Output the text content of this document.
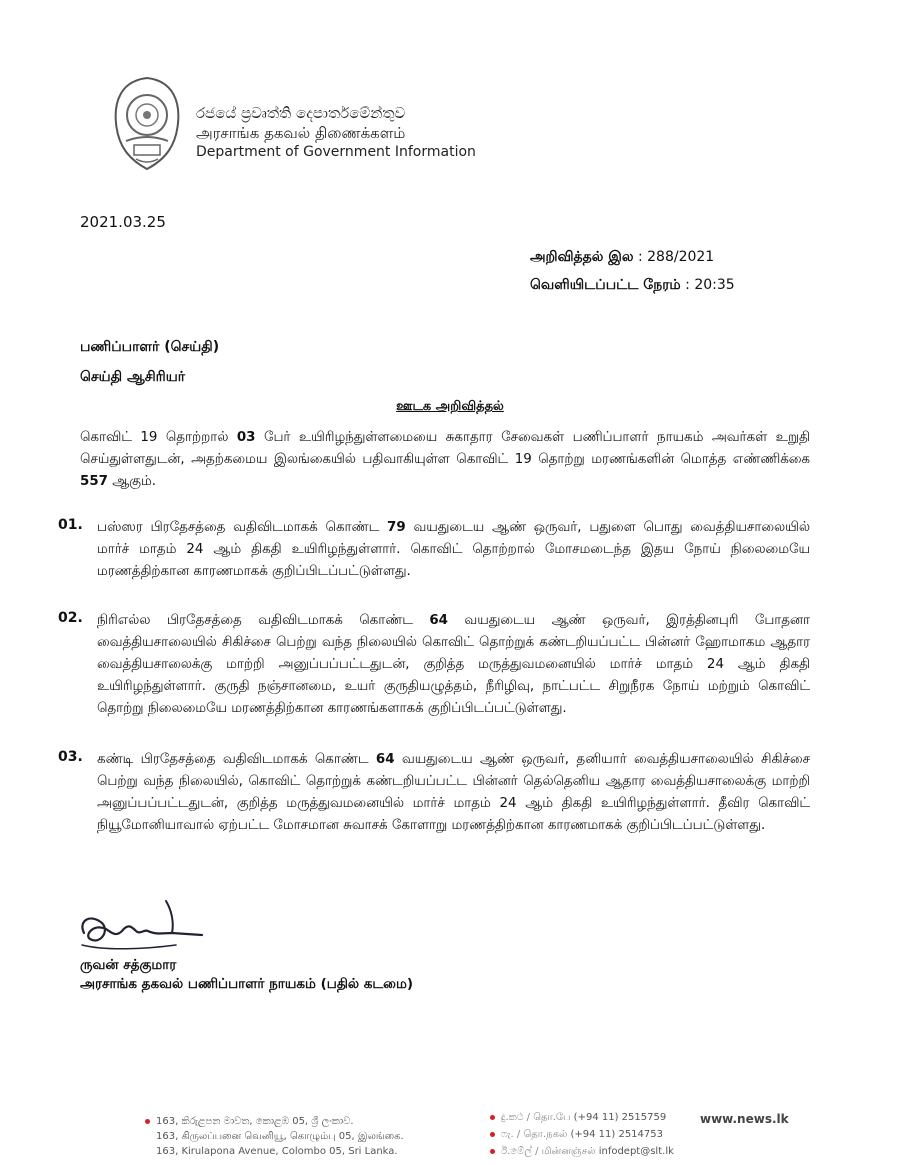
රජයේ ප්‍රවෘත්ති දෙපාර්තමේන්තුව
அரசாங்க தகவல் திணைக்களம்
Department of Government Information
2021.03.25
அறிவித்தல் இல : 288/2021
வெளியிடப்பட்ட நேரம் : 20:35
பணிப்பாளர் (செய்தி)
செய்தி ஆசிரியர்
ஊடக அறிவித்தல்
கொவிட் 19 தொற்றால் 03 பேர் உயிரிழந்துள்ளமையை சுகாதார சேவைகள் பணிப்பாளர் நாயகம் அவர்கள் உறுதி செய்துள்ளதுடன், அதற்கமைய இலங்கையில் பதிவாகியுள்ள கொவிட் 19 தொற்று மரணங்களின் மொத்த எண்ணிக்கை 557 ஆகும்.
01. பஸ்ஸர பிரதேசத்தை வதிவிடமாகக் கொண்ட 79 வயதுடைய ஆண் ஒருவர், பதுளை பொது வைத்தியசாலையில் மார்ச் மாதம் 24 ஆம் திகதி உயிரிழந்துள்ளார். கொவிட் தொற்றால் மோசமடைந்த இதய நோய் நிலைமையே மரணத்திற்கான காரணமாகக் குறிப்பிடப்பட்டுள்ளது.
02. நிரிஎல்ல பிரதேசத்தை வதிவிடமாகக் கொண்ட 64 வயதுடைய ஆண் ஒருவர், இரத்தினபுரி போதனா வைத்தியசாலையில் சிகிச்சை பெற்று வந்த நிலையில் கொவிட் தொற்றுக் கண்டறியப்பட்ட பின்னர் ஹோமாகம ஆதார வைத்தியசாலைக்கு மாற்றி அனுப்பப்பட்டதுடன், குறித்த மருத்துவமனையில் மார்ச் மாதம் 24 ஆம் திகதி உயிரிழந்துள்ளார். குருதி நஞ்சானமை, உயர் குருதியழுத்தம், நீரிழிவு, நாட்பட்ட சிறுநீரக நோய் மற்றும் கொவிட் தொற்று நிலைமையே மரணத்திற்கான காரணங்களாகக் குறிப்பிடப்பட்டுள்ளது.
03. கண்டி பிரதேசத்தை வதிவிடமாகக் கொண்ட 64 வயதுடைய ஆண் ஒருவர், தனியார் வைத்தியசாலையில் சிகிச்சை பெற்று வந்த நிலையில், கொவிட் தொற்றுக் கண்டறியப்பட்ட பின்னர் தெல்தெனிய ஆதார வைத்தியசாலைக்கு மாற்றி அனுப்பப்பட்டதுடன், குறித்த மருத்துவமனையில் மார்ச் மாதம் 24 ஆம் திகதி உயிரிழந்துள்ளார். தீவிர கொவிட் நியூமோனியாவால் ஏற்பட்ட மோசமான சுவாசக் கோளாறு மரணத்திற்கான காரணமாகக் குறிப்பிடப்பட்டுள்ளது.
ருவன் சத்குமார
அரசாங்க தகவல் பணிப்பாளர் நாயகம் (பதில் கடமை)
163, කිරුළපන මාවත, කොළඹ 05, ශ්‍රී ලංකාව.
163, கிருலப்பனை வெனியூ, கொழும்பு 05, இலங்கை.
163, Kirulapona Avenue, Colombo 05, Sri Lanka.
දු.කථ / தொ.பே (+94 11) 2515759
ෆැ. / தொ.நகல் (+94 11) 2514753
ඊ.මේල් / மின்னஞ்சல் infodept@slt.lk
www.news.lk
